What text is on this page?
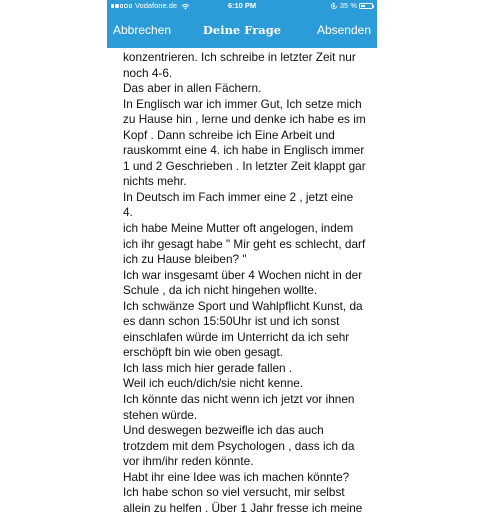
Vodafone.de	6:10 PM	35 %
Abbrechen	Deine Frage	Absenden

konzentrieren. Ich schreibe in letzter Zeit nur

noch 4-6.

Das aber in allen Fächern.

In Englisch war ich immer Gut, Ich setze mich

zu Hause hin , lerne und denke ich habe es im

Kopf . Dann schreibe ich Eine Arbeit und

rauskommt eine 4. ich habe in Englisch immer

1 und 2 Geschrieben . In letzter Zeit klappt gar

nichts mehr.

In Deutsch im Fach immer eine 2 , jetzt eine

4.

ich habe Meine Mutter oft angelogen, indem

ich ihr gesagt habe " Mir geht es schlecht, darf

ich zu Hause bleiben? "

Ich war insgesamt über 4 Wochen nicht in der

Schule , da ich nicht hingehen wollte.

Ich schwänze Sport und Wahlpflicht Kunst, da

es dann schon 15:50Uhr ist und ich sonst

einschlafen würde im Unterricht da ich sehr

erschöpft bin wie oben gesagt.

Ich lass mich hier gerade fallen .

Weil ich euch/dich/sie nicht kenne.

Ich könnte das nicht wenn ich jetzt vor ihnen

stehen würde.

Und deswegen bezweifle ich das auch

trotzdem mit dem Psychologen , dass ich da

vor ihm/ihr reden könnte.

Habt ihr eine Idee was ich machen könnte?

Ich habe schon so viel versucht, mir selbst

allein zu helfen . Über 1 Jahr fresse ich meine
